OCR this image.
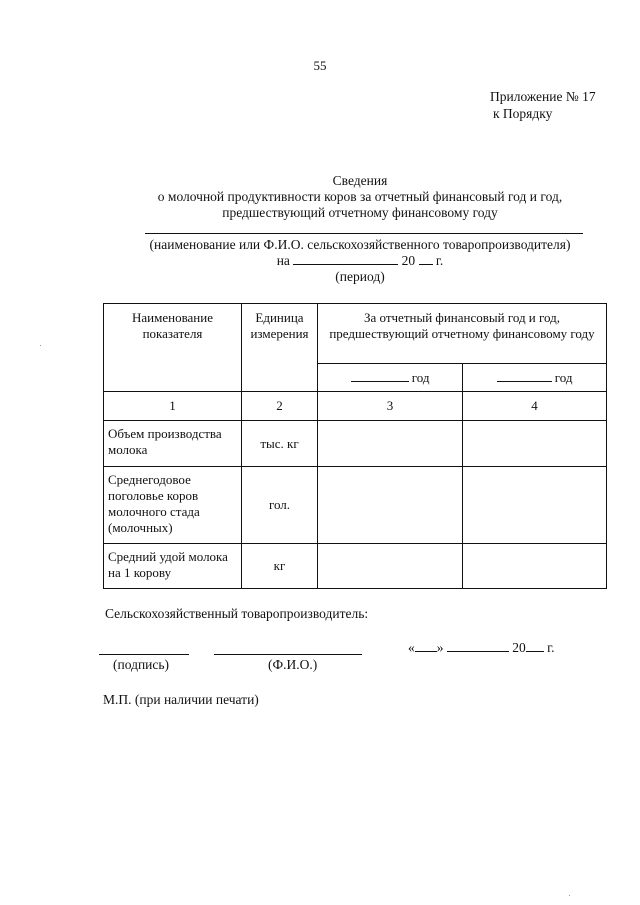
55
Приложение № 17
к Порядку
Сведения
о молочной продуктивности коров за отчетный финансовый год и год,
предшествующий отчетному финансовому году
(наименование или Ф.И.О. сельскохозяйственного товаропроизводителя)
на	20 г.
(период)
Наименование показателя	Единица измерения	За отчетный финансовый год и год, предшествующий отчетному финансовому году	
		год	год
1	2	3	4
Объем производства молока	тыс. кг		
Среднегодовое поголовье коров молочного стада (молочных)	гол.		
Средний удой молока на 1 корову	кг		
Сельскохозяйственный товаропроизводитель:
« »	20 г.
(подпись)	(Ф.И.О.)
М.П. (при наличии печати)
